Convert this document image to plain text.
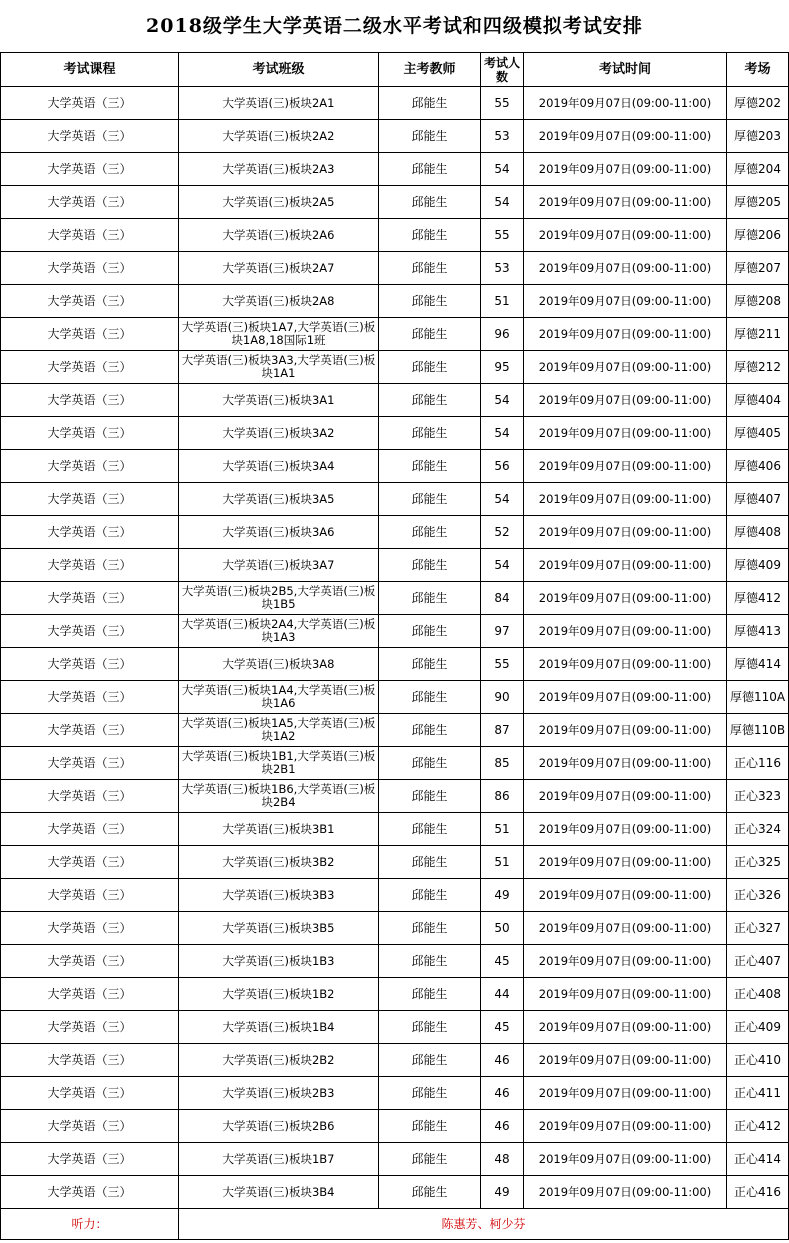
2018级学生大学英语二级水平考试和四级模拟考试安排
考试课程	考试班级	主考教师	考试人数	考试时间	考场
大学英语（三）	大学英语(三)板块2A1	邱能生	55	2019年09月07日(09:00-11:00)	厚德202
大学英语（三）	大学英语(三)板块2A2	邱能生	53	2019年09月07日(09:00-11:00)	厚德203
大学英语（三）	大学英语(三)板块2A3	邱能生	54	2019年09月07日(09:00-11:00)	厚德204
大学英语（三）	大学英语(三)板块2A5	邱能生	54	2019年09月07日(09:00-11:00)	厚德205
大学英语（三）	大学英语(三)板块2A6	邱能生	55	2019年09月07日(09:00-11:00)	厚德206
大学英语（三）	大学英语(三)板块2A7	邱能生	53	2019年09月07日(09:00-11:00)	厚德207
大学英语（三）	大学英语(三)板块2A8	邱能生	51	2019年09月07日(09:00-11:00)	厚德208
大学英语（三）	大学英语(三)板块1A7,大学英语(三)板块1A8,18国际1班	邱能生	96	2019年09月07日(09:00-11:00)	厚德211
大学英语（三）	大学英语(三)板块3A3,大学英语(三)板块1A1	邱能生	95	2019年09月07日(09:00-11:00)	厚德212
大学英语（三）	大学英语(三)板块3A1	邱能生	54	2019年09月07日(09:00-11:00)	厚德404
大学英语（三）	大学英语(三)板块3A2	邱能生	54	2019年09月07日(09:00-11:00)	厚德405
大学英语（三）	大学英语(三)板块3A4	邱能生	56	2019年09月07日(09:00-11:00)	厚德406
大学英语（三）	大学英语(三)板块3A5	邱能生	54	2019年09月07日(09:00-11:00)	厚德407
大学英语（三）	大学英语(三)板块3A6	邱能生	52	2019年09月07日(09:00-11:00)	厚德408
大学英语（三）	大学英语(三)板块3A7	邱能生	54	2019年09月07日(09:00-11:00)	厚德409
大学英语（三）	大学英语(三)板块2B5,大学英语(三)板块1B5	邱能生	84	2019年09月07日(09:00-11:00)	厚德412
大学英语（三）	大学英语(三)板块2A4,大学英语(三)板块1A3	邱能生	97	2019年09月07日(09:00-11:00)	厚德413
大学英语（三）	大学英语(三)板块3A8	邱能生	55	2019年09月07日(09:00-11:00)	厚德414
大学英语（三）	大学英语(三)板块1A4,大学英语(三)板块1A6	邱能生	90	2019年09月07日(09:00-11:00)	厚德110A
大学英语（三）	大学英语(三)板块1A5,大学英语(三)板块1A2	邱能生	87	2019年09月07日(09:00-11:00)	厚德110B
大学英语（三）	大学英语(三)板块1B1,大学英语(三)板块2B1	邱能生	85	2019年09月07日(09:00-11:00)	正心116
大学英语（三）	大学英语(三)板块1B6,大学英语(三)板块2B4	邱能生	86	2019年09月07日(09:00-11:00)	正心323
大学英语（三）	大学英语(三)板块3B1	邱能生	51	2019年09月07日(09:00-11:00)	正心324
大学英语（三）	大学英语(三)板块3B2	邱能生	51	2019年09月07日(09:00-11:00)	正心325
大学英语（三）	大学英语(三)板块3B3	邱能生	49	2019年09月07日(09:00-11:00)	正心326
大学英语（三）	大学英语(三)板块3B5	邱能生	50	2019年09月07日(09:00-11:00)	正心327
大学英语（三）	大学英语(三)板块1B3	邱能生	45	2019年09月07日(09:00-11:00)	正心407
大学英语（三）	大学英语(三)板块1B2	邱能生	44	2019年09月07日(09:00-11:00)	正心408
大学英语（三）	大学英语(三)板块1B4	邱能生	45	2019年09月07日(09:00-11:00)	正心409
大学英语（三）	大学英语(三)板块2B2	邱能生	46	2019年09月07日(09:00-11:00)	正心410
大学英语（三）	大学英语(三)板块2B3	邱能生	46	2019年09月07日(09:00-11:00)	正心411
大学英语（三）	大学英语(三)板块2B6	邱能生	46	2019年09月07日(09:00-11:00)	正心412
大学英语（三）	大学英语(三)板块1B7	邱能生	48	2019年09月07日(09:00-11:00)	正心414
大学英语（三）	大学英语(三)板块3B4	邱能生	49	2019年09月07日(09:00-11:00)	正心416
听力：	陈惠芳、柯少芬				
